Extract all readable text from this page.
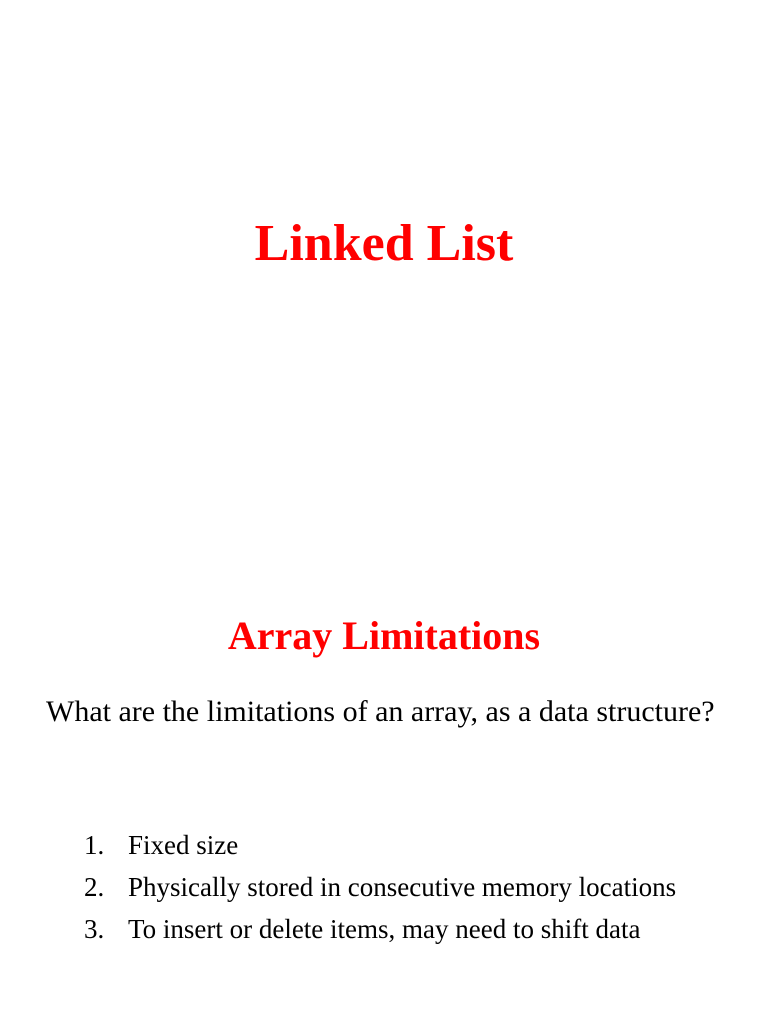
Linked List
Array Limitations
What are the limitations of an array, as a data structure?
1. Fixed size
2. Physically stored in consecutive memory locations
3. To insert or delete items, may need to shift data
